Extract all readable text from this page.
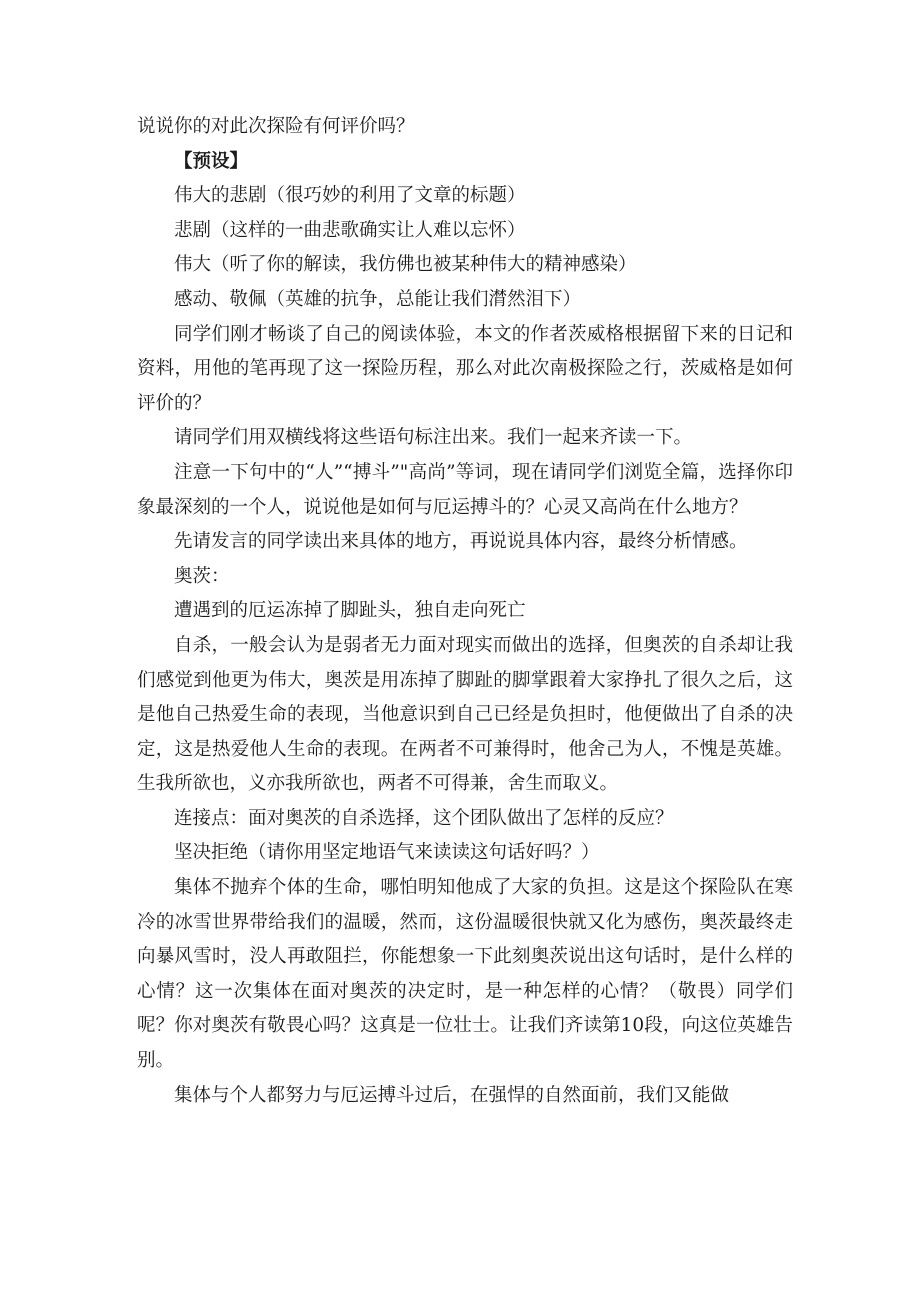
说说你的对此次探险有何评价吗？

【预设】

伟大的悲剧（很巧妙的利用了文章的标题）

悲剧（这样的一曲悲歌确实让人难以忘怀）

伟大（听了你的解读，我仿佛也被某种伟大的精神感染）

感动、敬佩（英雄的抗争，总能让我们潸然泪下）

同学们刚才畅谈了自己的阅读体验，本文的作者茨威格根据留下来的日记和资料，用他的笔再现了这一探险历程，那么对此次南极探险之行，茨威格是如何评价的？

请同学们用双横线将这些语句标注出来。我们一起来齐读一下。

注意一下句中的“人”“搏斗”"高尚”等词，现在请同学们浏览全篇，选择你印象最深刻的一个人，说说他是如何与厄运搏斗的？心灵又高尚在什么地方？

先请发言的同学读出来具体的地方，再说说具体内容，最终分析情感。

奥茨：

遭遇到的厄运冻掉了脚趾头，独自走向死亡

自杀，一般会认为是弱者无力面对现实而做出的选择，但奥茨的自杀却让我们感觉到他更为伟大，奥茨是用冻掉了脚趾的脚掌跟着大家挣扎了很久之后，这是他自己热爱生命的表现，当他意识到自己已经是负担时，他便做出了自杀的决定，这是热爱他人生命的表现。在两者不可兼得时，他舍己为人，不愧是英雄。生我所欲也，义亦我所欲也，两者不可得兼，舍生而取义。

连接点：面对奥茨的自杀选择，这个团队做出了怎样的反应？

坚决拒绝（请你用坚定地语气来读读这句话好吗？）

集体不抛弃个体的生命，哪怕明知他成了大家的负担。这是这个探险队在寒冷的冰雪世界带给我们的温暖，然而，这份温暖很快就又化为感伤，奥茨最终走向暴风雪时，没人再敢阻拦，你能想象一下此刻奥茨说出这句话时，是什么样的心情？这一次集体在面对奥茨的决定时，是一种怎样的心情？（敬畏）同学们呢？你对奥茨有敬畏心吗？这真是一位壮士。让我们齐读第10段，向这位英雄告别。

集体与个人都努力与厄运搏斗过后，在强悍的自然面前，我们又能做
